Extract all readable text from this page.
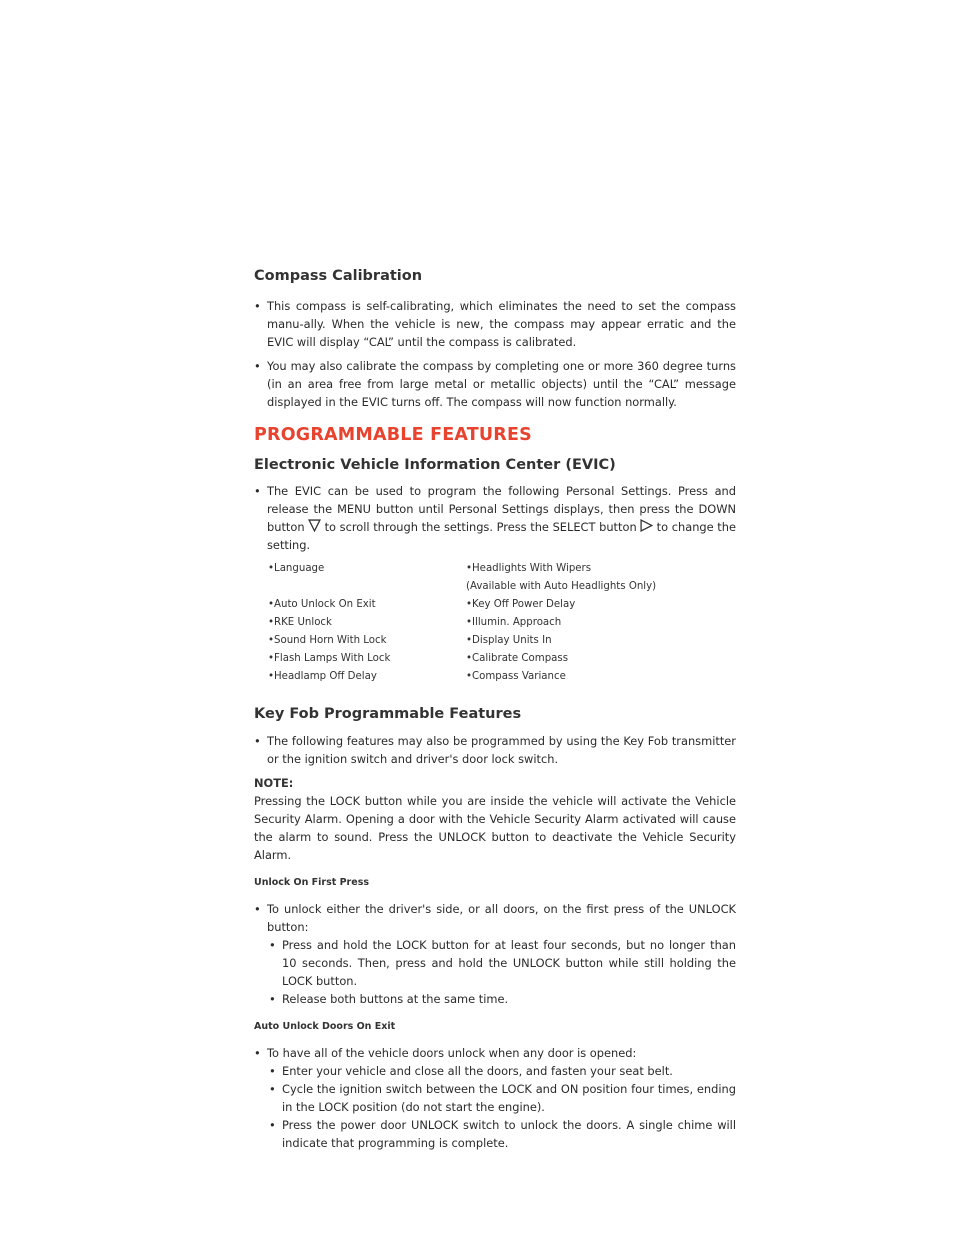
Compass Calibration
• This compass is self-calibrating, which eliminates the need to set the compass manu-ally. When the vehicle is new, the compass may appear erratic and the EVIC will display “CAL” until the compass is calibrated.
• You may also calibrate the compass by completing one or more 360 degree turns (in an area free from large metal or metallic objects) until the “CAL” message displayed in the EVIC turns off. The compass will now function normally.
PROGRAMMABLE FEATURES
Electronic Vehicle Information Center (EVIC)
• The EVIC can be used to program the following Personal Settings. Press and release the MENU button until Personal Settings displays, then press the DOWN button to scroll through the settings. Press the SELECT button to change the setting.
• Language	• Headlights With Wipers
(Available with Auto Headlights Only)
• Auto Unlock On Exit	• Key Off Power Delay
• RKE Unlock	• Illumin. Approach
• Sound Horn With Lock	• Display Units In
• Flash Lamps With Lock	• Calibrate Compass
• Headlamp Off Delay	• Compass Variance
Key Fob Programmable Features
• The following features may also be programmed by using the Key Fob transmitter or the ignition switch and driver's door lock switch.

NOTE:

Pressing the LOCK button while you are inside the vehicle will activate the Vehicle Security Alarm. Opening a door with the Vehicle Security Alarm activated will cause the alarm to sound. Press the UNLOCK button to deactivate the Vehicle Security Alarm.

Unlock On First Press

• To unlock either the driver's side, or all doors, on the first press of the UNLOCK button:
• Press and hold the LOCK button for at least four seconds, but no longer than 10 seconds. Then, press and hold the UNLOCK button while still holding the LOCK button.
• Release both buttons at the same time.

Auto Unlock Doors On Exit

• To have all of the vehicle doors unlock when any door is opened:
• Enter your vehicle and close all the doors, and fasten your seat belt.
• Cycle the ignition switch between the LOCK and ON position four times, ending in the LOCK position (do not start the engine).
• Press the power door UNLOCK switch to unlock the doors. A single chime will indicate that programming is complete.
